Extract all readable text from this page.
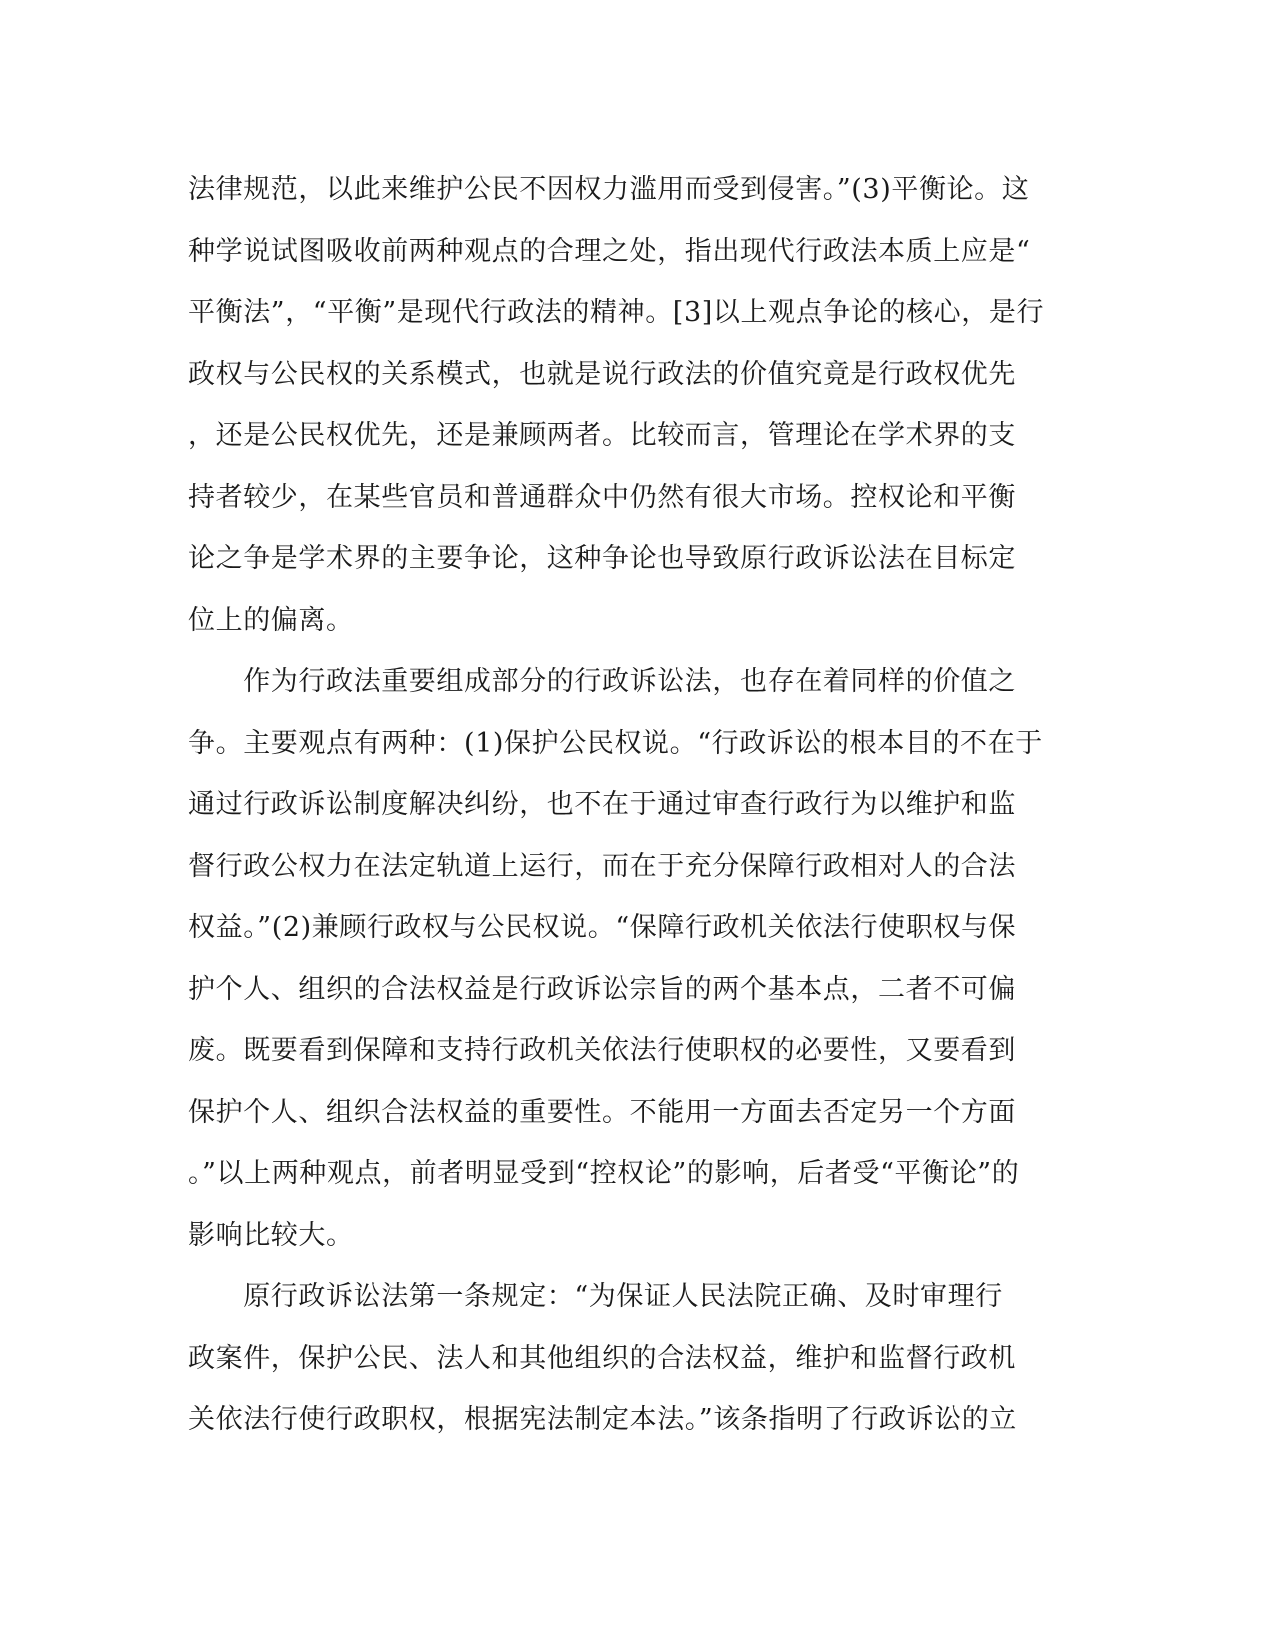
法律规范，以此来维护公民不因权力滥用而受到侵害。”(3)平衡论。这
种学说试图吸收前两种观点的合理之处，指出现代行政法本质上应是“
平衡法”，“平衡”是现代行政法的精神。[3]以上观点争论的核心，是行
政权与公民权的关系模式，也就是说行政法的价值究竟是行政权优先
，还是公民权优先，还是兼顾两者。比较而言，管理论在学术界的支
持者较少，在某些官员和普通群众中仍然有很大市场。控权论和平衡
论之争是学术界的主要争论，这种争论也导致原行政诉讼法在目标定
位上的偏离。
　　作为行政法重要组成部分的行政诉讼法，也存在着同样的价值之
争。主要观点有两种：(1)保护公民权说。“行政诉讼的根本目的不在于
通过行政诉讼制度解决纠纷，也不在于通过审查行政行为以维护和监
督行政公权力在法定轨道上运行，而在于充分保障行政相对人的合法
权益。”(2)兼顾行政权与公民权说。“保障行政机关依法行使职权与保
护个人、组织的合法权益是行政诉讼宗旨的两个基本点，二者不可偏
废。既要看到保障和支持行政机关依法行使职权的必要性，又要看到
保护个人、组织合法权益的重要性。不能用一方面去否定另一个方面
。”以上两种观点，前者明显受到“控权论”的影响，后者受“平衡论”的
影响比较大。
　　原行政诉讼法第一条规定：“为保证人民法院正确、及时审理行
政案件，保护公民、法人和其他组织的合法权益，维护和监督行政机
关依法行使行政职权，根据宪法制定本法。”该条指明了行政诉讼的立
